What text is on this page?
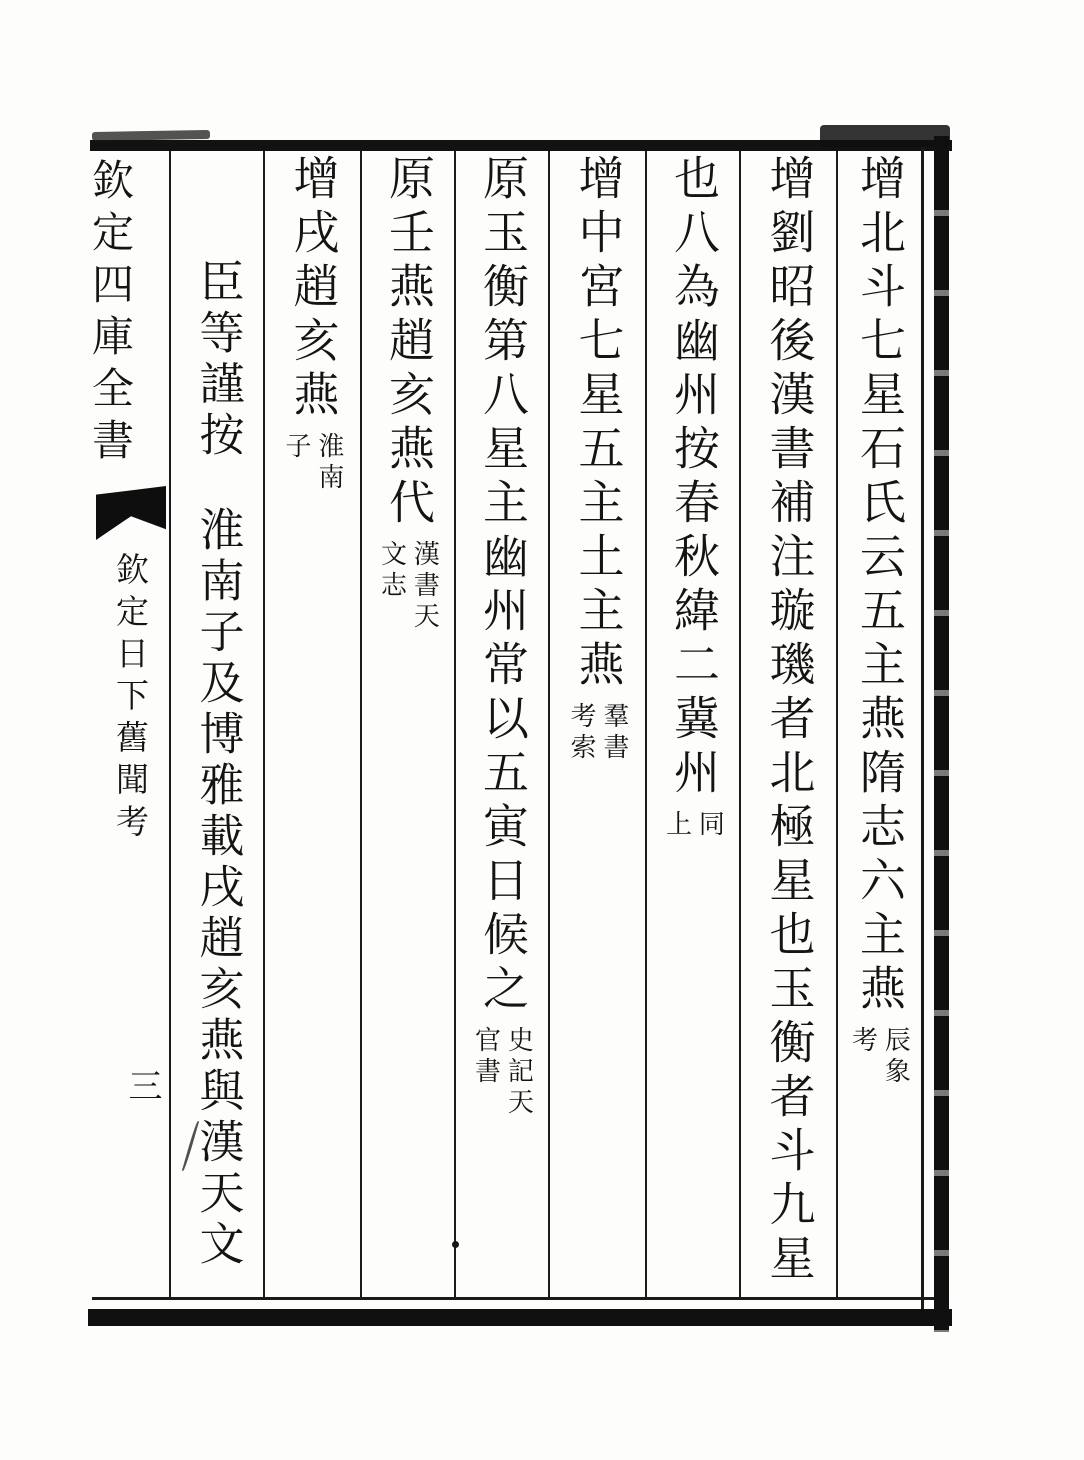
增北斗七星石氏云五主燕隋志六主燕
辰象
考
增劉昭後漢書補注璇璣者北極星也玉衡者斗九星
也八為幽州按春秋緯二冀州
同
上
增中宮七星五主土主燕
羣書
考索
原玉衡第八星主幽州常以五寅日候之
史記天
官書
原壬燕趙亥燕代
漢書天
文志
增戌趙亥燕
淮南
子
臣等謹按
淮南子及博雅載戌趙亥燕與漢天文
欽定四庫全書
欽定日下舊聞考
三
